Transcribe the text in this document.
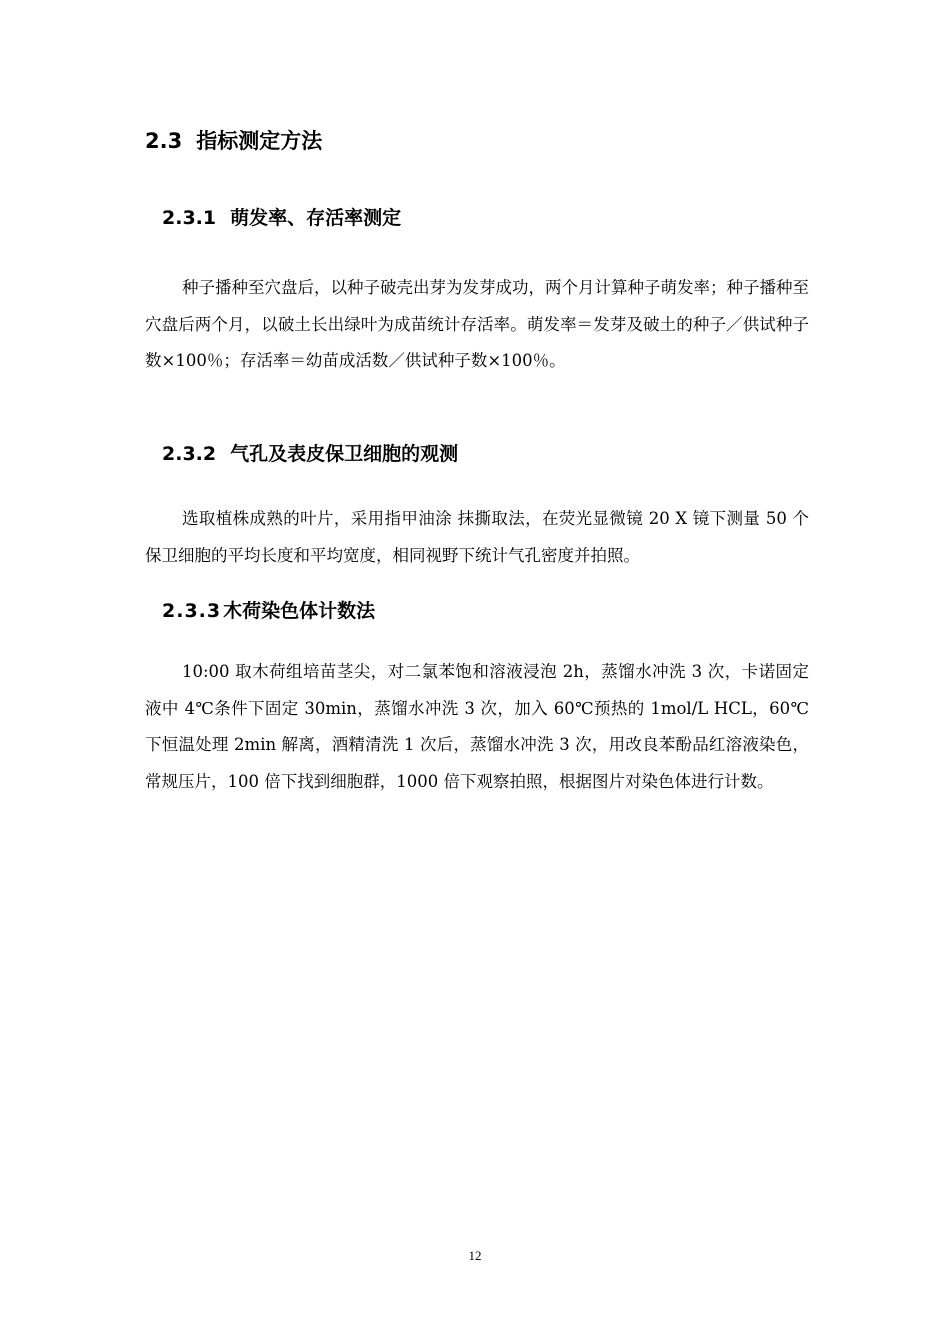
2.3 指标测定方法
2.3.1 萌发率、存活率测定

种子播种至穴盘后，以种子破壳出芽为发芽成功，两个月计算种子萌发率；种子播种至穴盘后两个月，以破土长出绿叶为成苗统计存活率。萌发率＝发芽及破土的种子／供试种子数×100％；存活率＝幼苗成活数／供试种子数×100％。

2.3.2 气孔及表皮保卫细胞的观测

选取植株成熟的叶片，采用指甲油涂 抹撕取法，在荧光显微镜 20 X 镜下测量 50 个保卫细胞的平均长度和平均宽度，相同视野下统计气孔密度并拍照。

2.3.3 木荷染色体计数法

10:00 取木荷组培苗茎尖，对二氯苯饱和溶液浸泡 2h，蒸馏水冲洗 3 次，卡诺固定液中 4℃条件下固定 30min，蒸馏水冲洗 3 次，加入 60℃预热的 1mol/L HCL，60℃下恒温处理 2min 解离，酒精清洗 1 次后，蒸馏水冲洗 3 次，用改良苯酚品红溶液染色，常规压片，100 倍下找到细胞群，1000 倍下观察拍照，根据图片对染色体进行计数。

12
